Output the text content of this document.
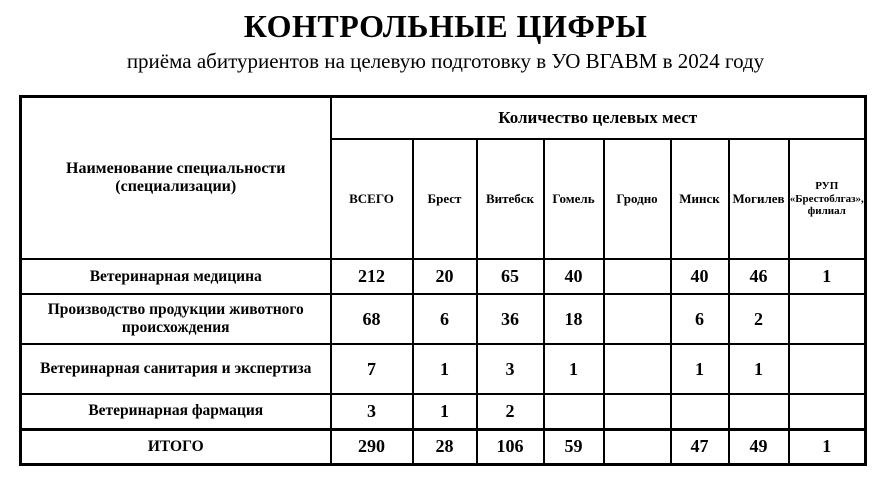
КОНТРОЛЬНЫЕ ЦИФРЫ
приёма абитуриентов на целевую подготовку в УО ВГАВМ в 2024 году
Наименование специальности (специализации)	Количество целевых мест							
	ВСЕГО	Брест	Витебск	Гомель	Гродно	Минск	Могилев	РУП «Брестоблгаз», филиал
Ветеринарная медицина	212	20	65	40		40	46	1
Производство продукции животного происхождения	68	6	36	18		6	2	
Ветеринарная санитария и экспертиза	7	1	3	1		1	1	
Ветеринарная фармация	3	1	2					
ИТОГО	290	28	106	59		47	49	1
